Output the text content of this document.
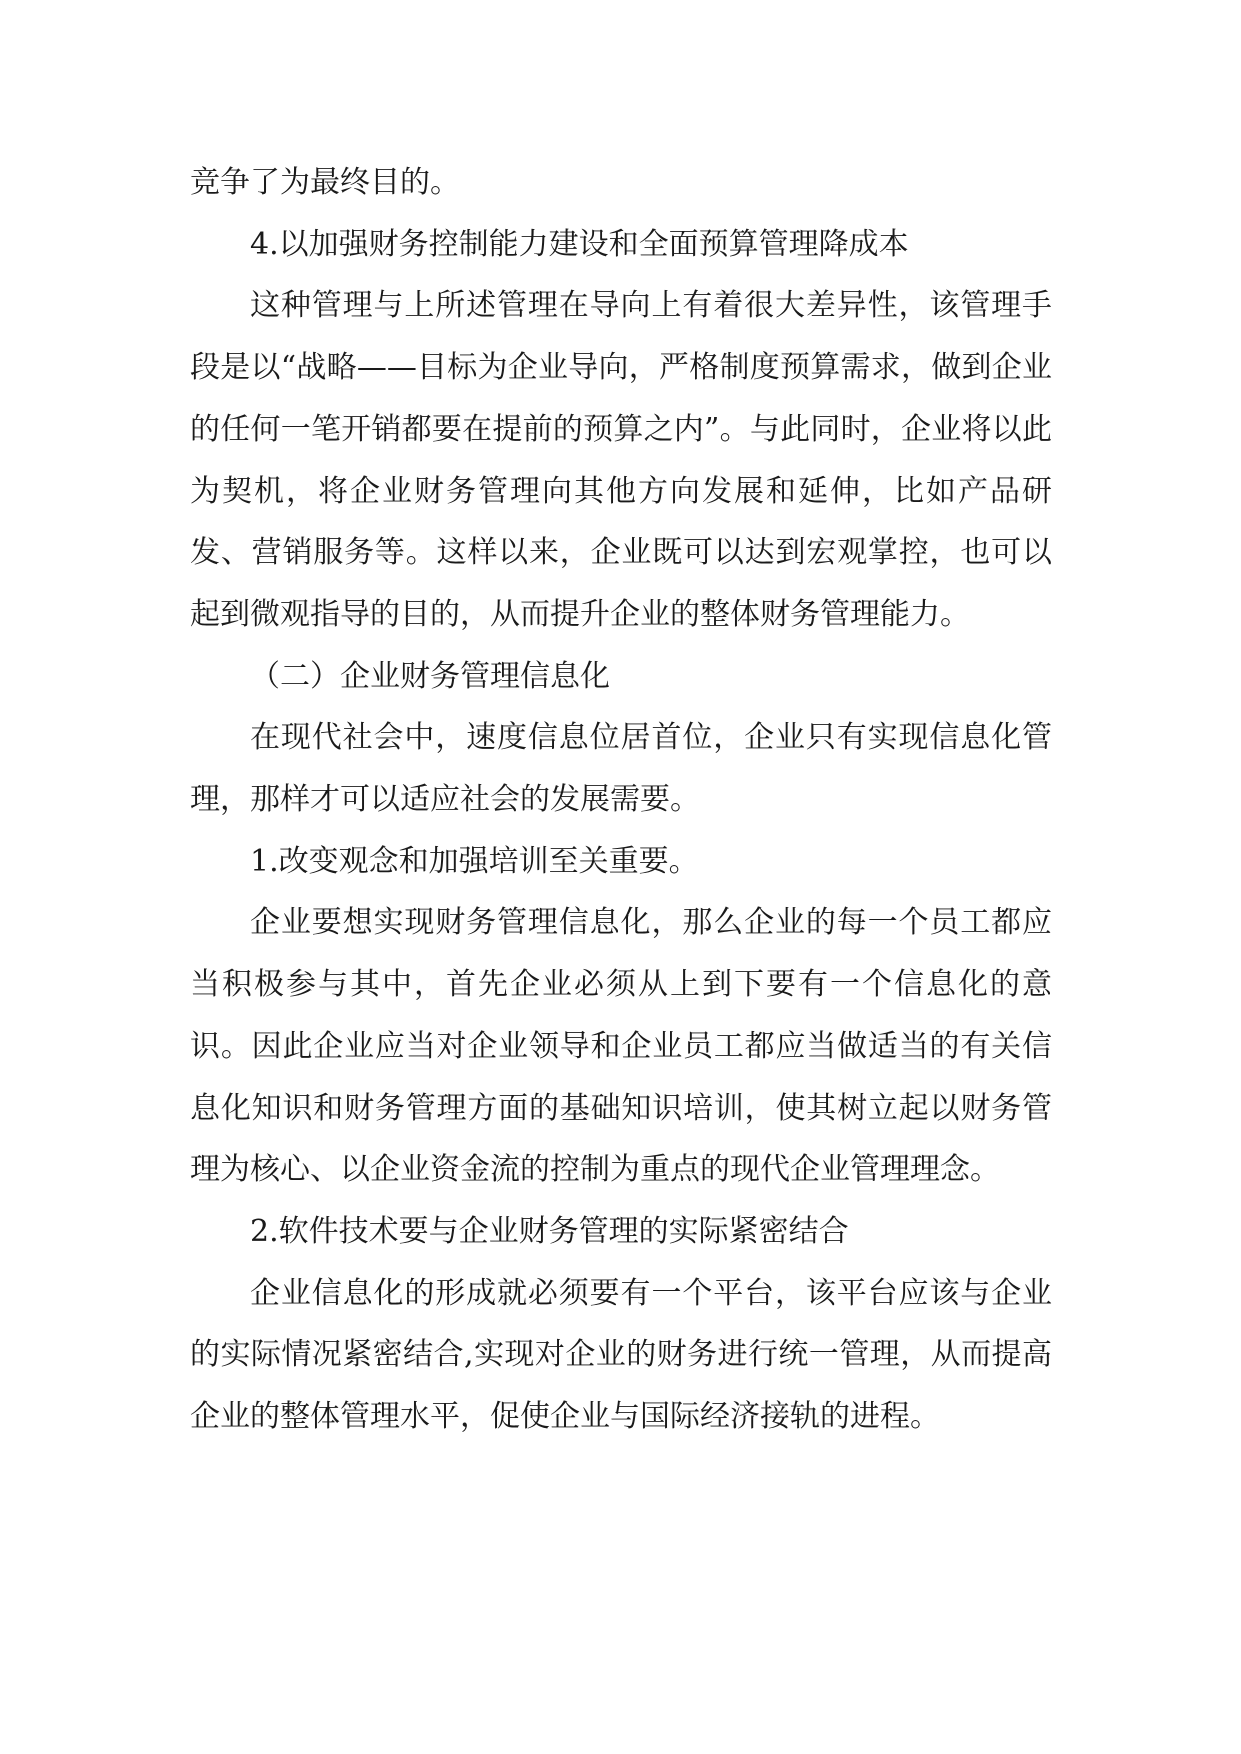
竞争了为最终目的。

4.以加强财务控制能力建设和全面预算管理降成本

这种管理与上所述管理在导向上有着很大差异性，该管理手段是以“战略——目标为企业导向，严格制度预算需求，做到企业的任何一笔开销都要在提前的预算之内”。与此同时，企业将以此为契机，将企业财务管理向其他方向发展和延伸，比如产品研发、营销服务等。这样以来，企业既可以达到宏观掌控，也可以起到微观指导的目的，从而提升企业的整体财务管理能力。

（二）企业财务管理信息化

在现代社会中，速度信息位居首位，企业只有实现信息化管理，那样才可以适应社会的发展需要。

1.改变观念和加强培训至关重要。

企业要想实现财务管理信息化，那么企业的每一个员工都应当积极参与其中，首先企业必须从上到下要有一个信息化的意识。因此企业应当对企业领导和企业员工都应当做适当的有关信息化知识和财务管理方面的基础知识培训，使其树立起以财务管理为核心、以企业资金流的控制为重点的现代企业管理理念。

2.软件技术要与企业财务管理的实际紧密结合

企业信息化的形成就必须要有一个平台，该平台应该与企业的实际情况紧密结合,实现对企业的财务进行统一管理，从而提高企业的整体管理水平，促使企业与国际经济接轨的进程。
